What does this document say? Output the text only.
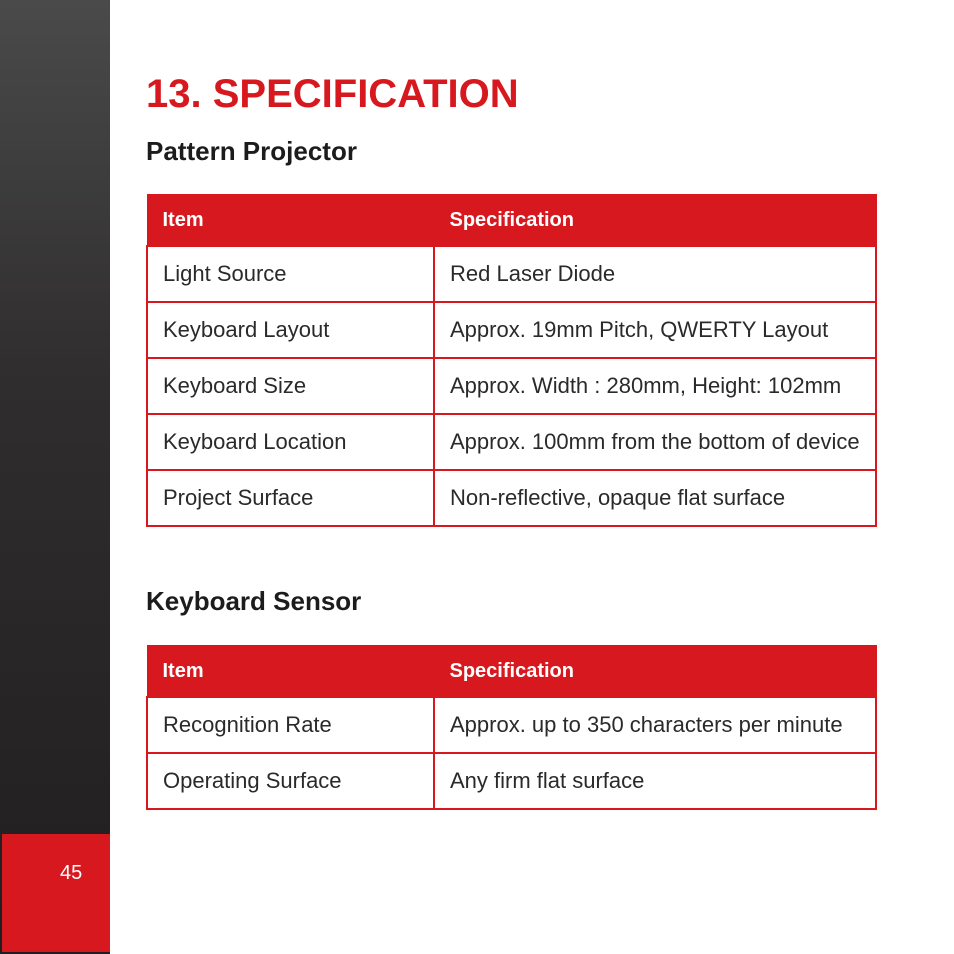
45
13. SPECIFICATION
Pattern Projector
Item	Specification
Light Source	Red Laser Diode
Keyboard Layout	Approx. 19mm Pitch, QWERTY Layout
Keyboard Size	Approx. Width : 280mm, Height: 102mm
Keyboard Location	Approx. 100mm from the bottom of device
Project Surface	Non-reflective, opaque flat surface
Keyboard Sensor
Item	Specification
Recognition Rate	Approx. up to 350 characters per minute
Operating Surface	Any firm flat surface
